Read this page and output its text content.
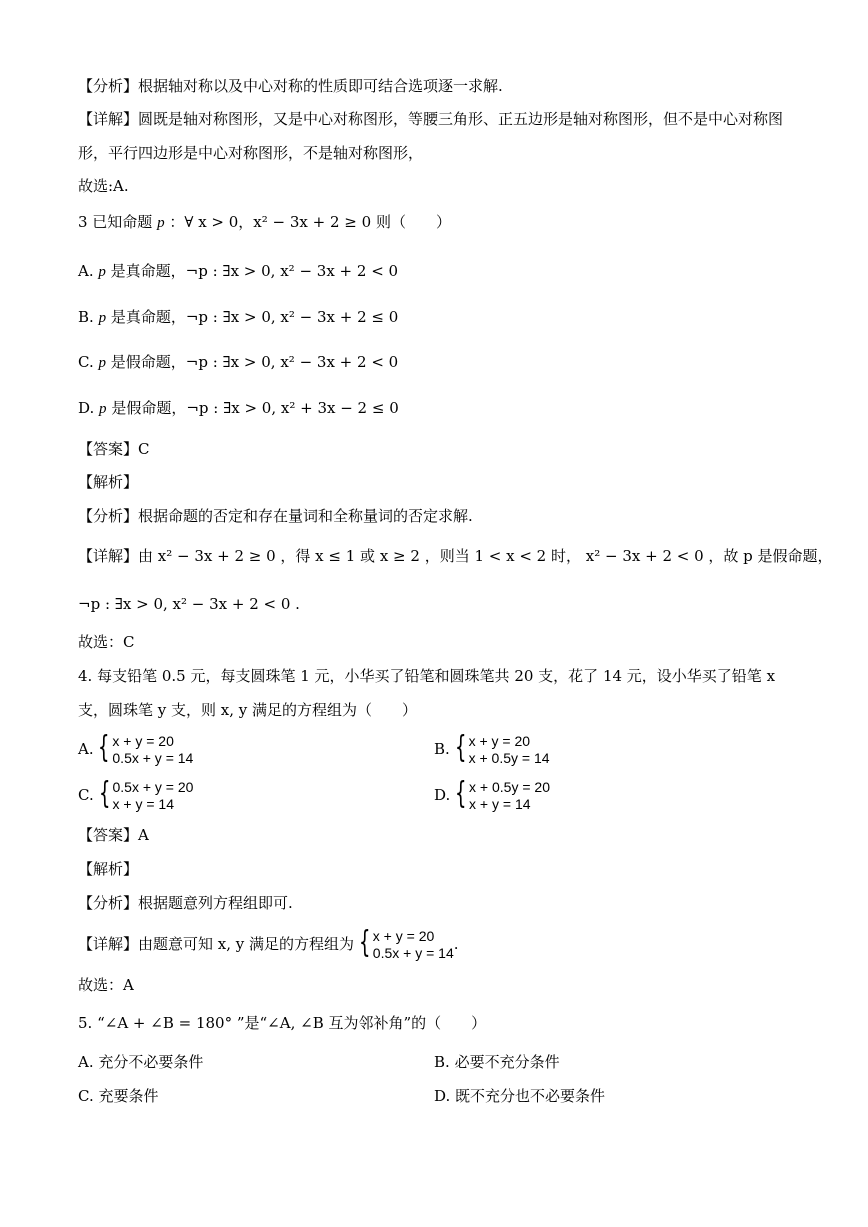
【分析】根据轴对称以及中心对称的性质即可结合选项逐一求解.
【详解】圆既是轴对称图形，又是中心对称图形，等腰三角形、正五边形是轴对称图形，但不是中心对称图形，平行四边形是中心对称图形，不是轴对称图形，
故选:A.
3 已知命题 p ：∀ x > 0，x² − 3x + 2 ≥ 0 则（　　）
A. p 是真命题，¬p : ∃x > 0, x² − 3x + 2 < 0
B. p 是真命题，¬p : ∃x > 0, x² − 3x + 2 ≤ 0
C. p 是假命题，¬p : ∃x > 0, x² − 3x + 2 < 0
D. p 是假命题，¬p : ∃x > 0, x² + 3x − 2 ≤ 0
【答案】C
【解析】
【分析】根据命题的否定和存在量词和全称量词的否定求解.
【详解】由 x² − 3x + 2 ≥ 0 ，得 x ≤ 1 或 x ≥ 2 ，则当 1 < x < 2 时， x² − 3x + 2 < 0 ，故 p 是假命题，
¬p : ∃x > 0, x² − 3x + 2 < 0 .
故选：C
4. 每支铅笔 0.5 元，每支圆珠笔 1 元，小华买了铅笔和圆珠笔共 20 支，花了 14 元，设小华买了铅笔 x
支，圆珠笔 y 支，则 x, y 满足的方程组为（　　）
A. { x + y = 20
0.5x + y = 14	B. { x + y = 20
x + 0.5y = 14
C. { 0.5x + y = 20
x + y = 14	D. { x + 0.5y = 20
x + y = 14
【答案】A
【解析】
【分析】根据题意列方程组即可.
【详解】由题意可知 x, y 满足的方程组为 { x + y = 20
0.5x + y = 14 .
故选：A
5. “∠A + ∠B = 180° ”是“∠A, ∠B 互为邻补角”的（　　）
A. 充分不必要条件	B. 必要不充分条件
C. 充要条件	D. 既不充分也不必要条件
